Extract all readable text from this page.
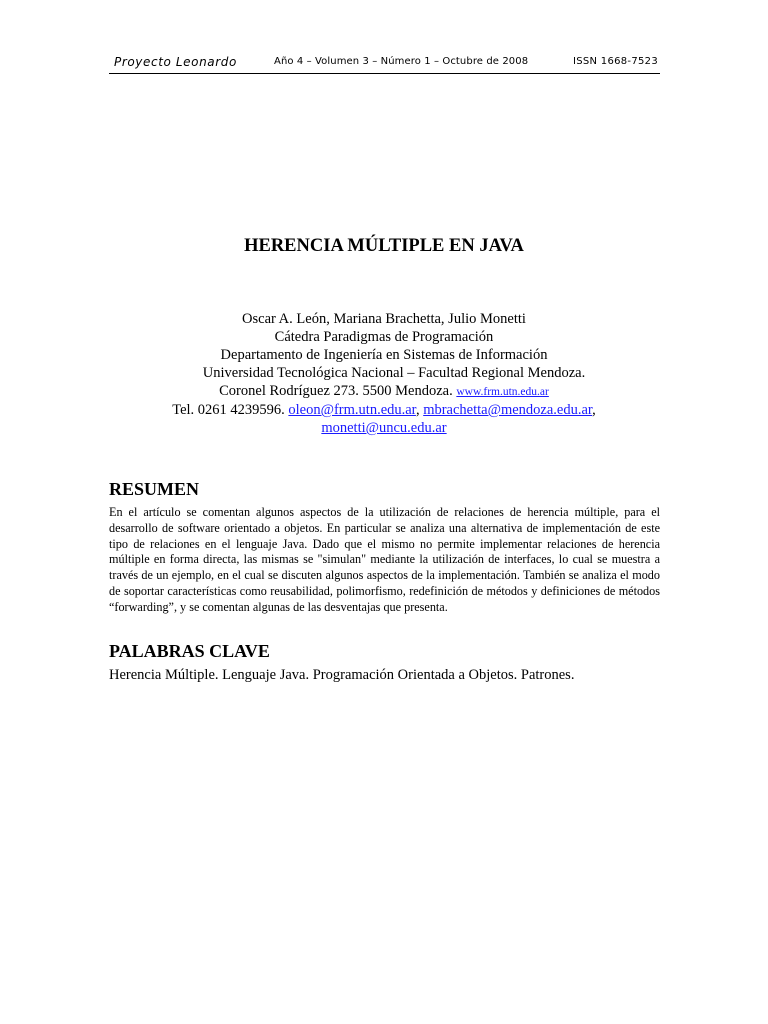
Proyecto Leonardo	Año 4 – Volumen 3 – Número 1 – Octubre de 2008	ISSN 1668-7523
HERENCIA MÚLTIPLE EN JAVA
Oscar A. León, Mariana Brachetta, Julio Monetti
Cátedra Paradigmas de Programación
Departamento de Ingeniería en Sistemas de Información
Universidad Tecnológica Nacional – Facultad Regional Mendoza.
Coronel Rodríguez 273. 5500 Mendoza. www.frm.utn.edu.ar
Tel. 0261 4239596. oleon@frm.utn.edu.ar, mbrachetta@mendoza.edu.ar,
monetti@uncu.edu.ar
RESUMEN

En el artículo se comentan algunos aspectos de la utilización de relaciones de herencia múltiple, para el desarrollo de software orientado a objetos. En particular se analiza una alternativa de implementación de este tipo de relaciones en el lenguaje Java. Dado que el mismo no permite implementar relaciones de herencia múltiple en forma directa, las mismas se "simulan" mediante la utilización de interfaces, lo cual se muestra a través de un ejemplo, en el cual se discuten algunos aspectos de la implementación. También se analiza el modo de soportar características como reusabilidad, polimorfismo, redefinición de métodos y definiciones de métodos “forwarding”, y se comentan algunas de las desventajas que presenta.

PALABRAS CLAVE

Herencia Múltiple. Lenguaje Java. Programación Orientada a Objetos. Patrones.
